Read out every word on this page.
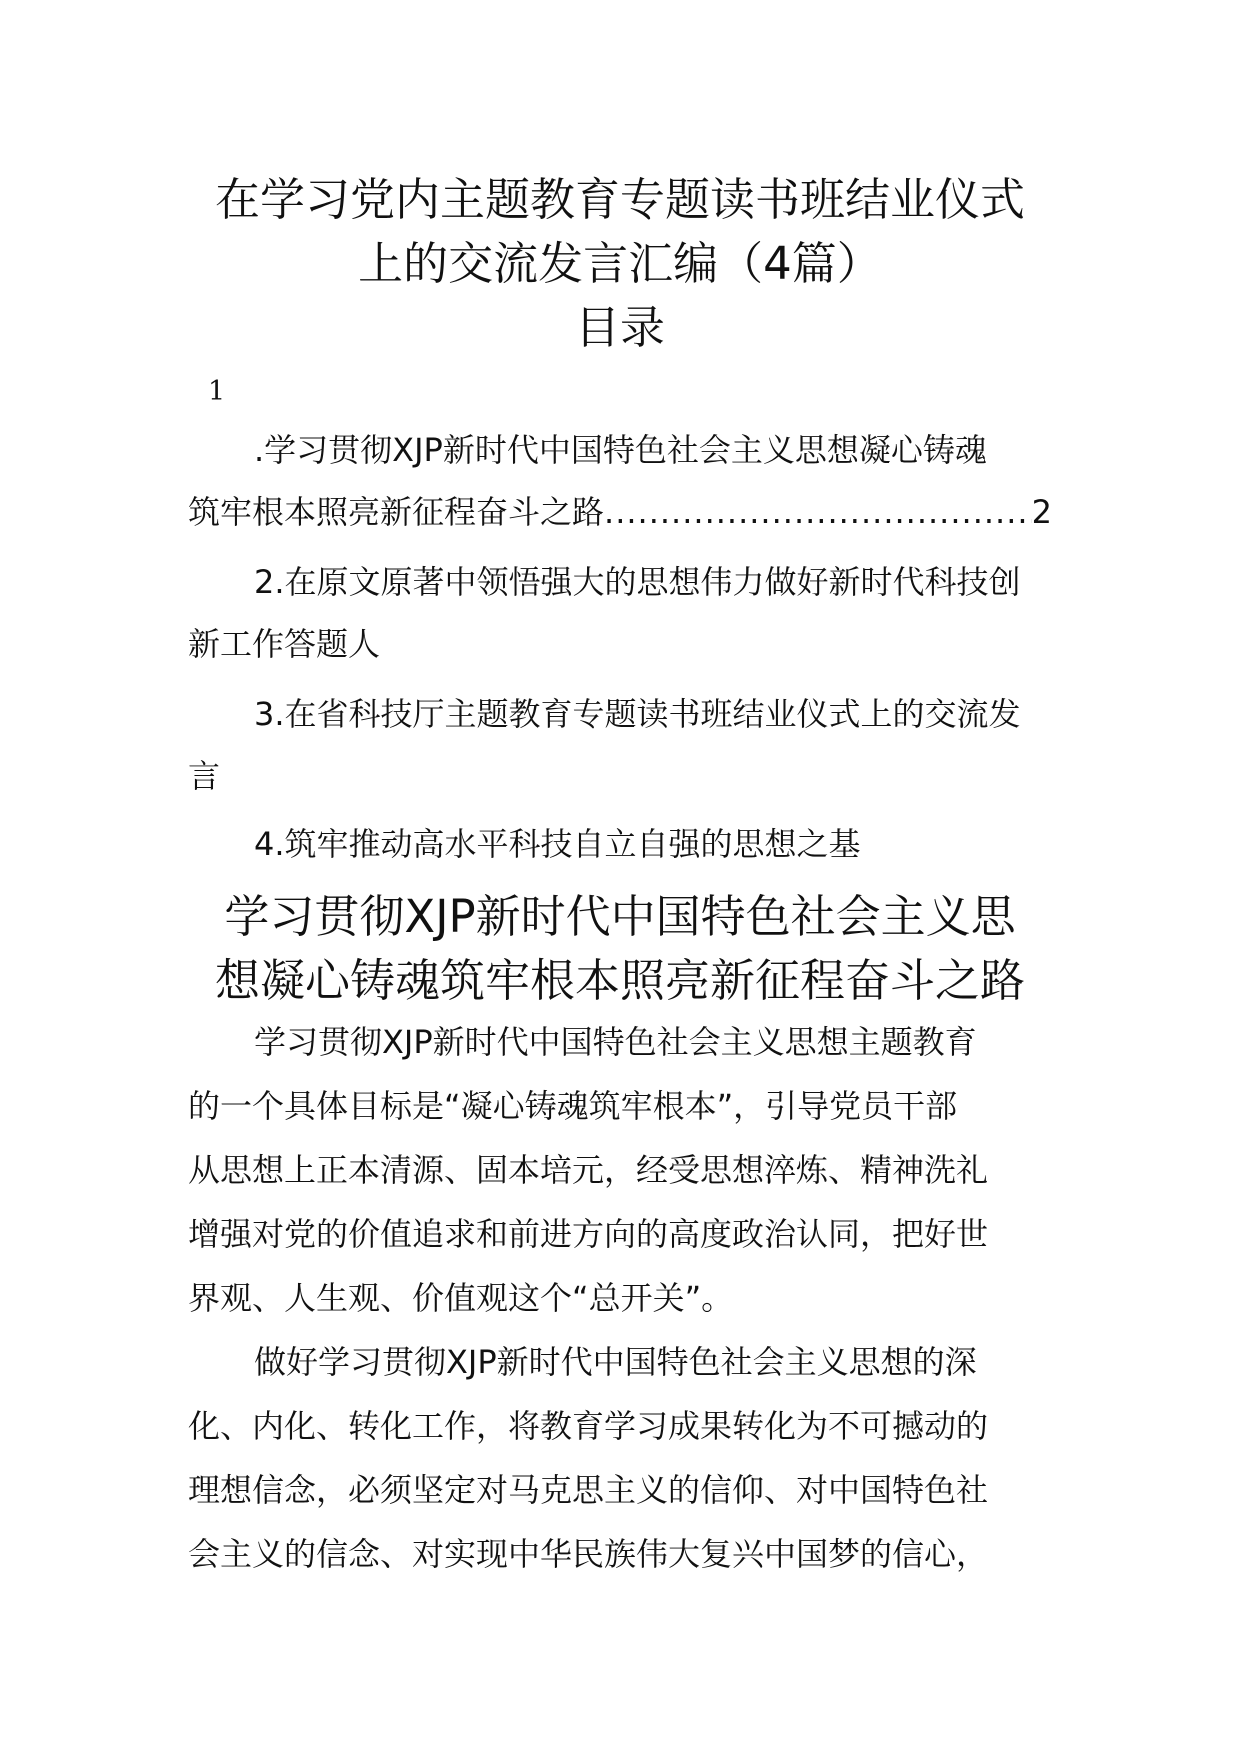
在学习党内主题教育专题读书班结业仪式
上的交流发言汇编（4篇）
目录
1
.学习贯彻XJP新时代中国特色社会主义思想凝心铸魂
筑牢根本照亮新征程奋斗之路
.....	2
2.在原文原著中领悟强大的思想伟力做好新时代科技创
新工作答题人
3.在省科技厅主题教育专题读书班结业仪式上的交流发
言
4.筑牢推动高水平科技自立自强的思想之基
学习贯彻XJP新时代中国特色社会主义思
想凝心铸魂筑牢根本照亮新征程奋斗之路
学习贯彻XJP新时代中国特色社会主义思想主题教育
的一个具体目标是“凝心铸魂筑牢根本”，引导党员干部
从思想上正本清源、固本培元，经受思想淬炼、精神洗礼
增强对党的价值追求和前进方向的高度政治认同，把好世
界观、人生观、价值观这个“总开关”。
做好学习贯彻XJP新时代中国特色社会主义思想的深
化、内化、转化工作，将教育学习成果转化为不可撼动的
理想信念，必须坚定对马克思主义的信仰、对中国特色社
会主义的信念、对实现中华民族伟大复兴中国梦的信心，
